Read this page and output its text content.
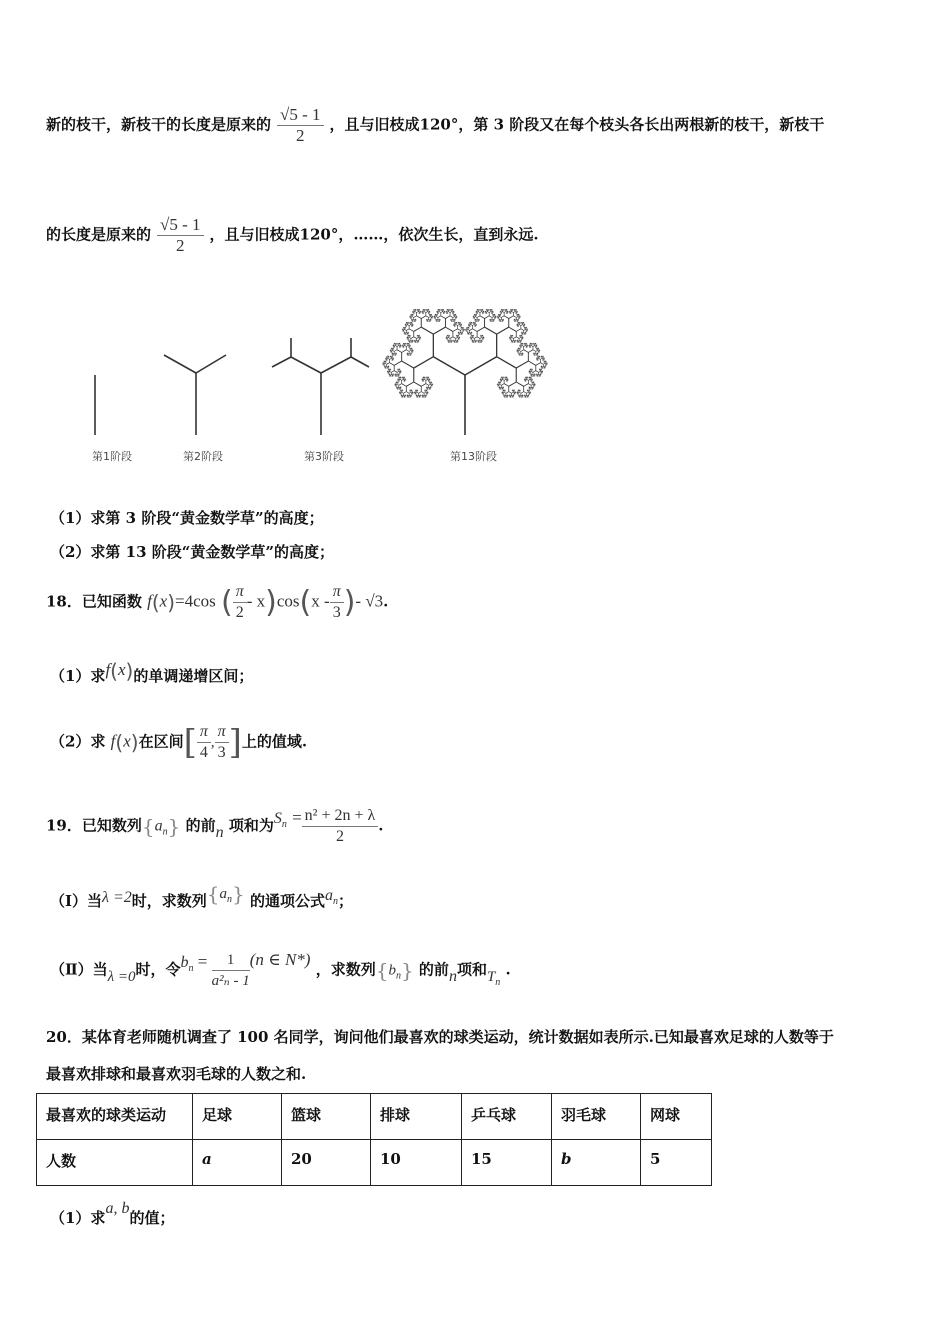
新的枝干，新枝干的长度是原来的 $\frac{√5 - 1}{2}$ ，且与旧枝成120°，第 3 阶段又在每个枝头各长出两根新的枝干，新枝干
的长度是原来的 $\frac{√5 - 1}{2}$ ，且与旧枝成120°，……，依次生长，直到永远.
第1阶段	第2阶段	第3阶段	第13阶段
（1）求第 3 阶段“黄金数学草”的高度；
（2）求第 13 阶段“黄金数学草”的高度；
18．已知函数 f(x)=4cos ( $\frac{\pi}{2} - x)\cos(x - \frac{\pi}{3}$ )- √3.
（1）求f(x)的单调递增区间；
（2）求 f(x)在区间[ $\frac{\pi}{4}$ , $\frac{\pi}{3}$ ]上的值域.
19．已知数列$\{a_n\}$ 的前n 项和为$S_n = \frac{\text{n² + 2n + λ}}{2}$ .
（Ⅰ）当λ =2时，求数列$\{a_n\}$ 的通项公式$a_n$；
（Ⅱ）当λ =0时，令$b_n = \frac{1}{\text{a²ₙ - 1}} (n$ ∈ N*) ，求数列$\{b_n\}$ 的前n项和$T_n$ .
20．某体育老师随机调查了 100 名同学，询问他们最喜欢的球类运动，统计数据如表所示.已知最喜欢足球的人数等于
最喜欢排球和最喜欢羽毛球的人数之和.
最喜欢的球类运动	足球	篮球	排球	乒乓球	羽毛球	网球
人数	a	20	10	15	b	5
（1）求a, b的值；
